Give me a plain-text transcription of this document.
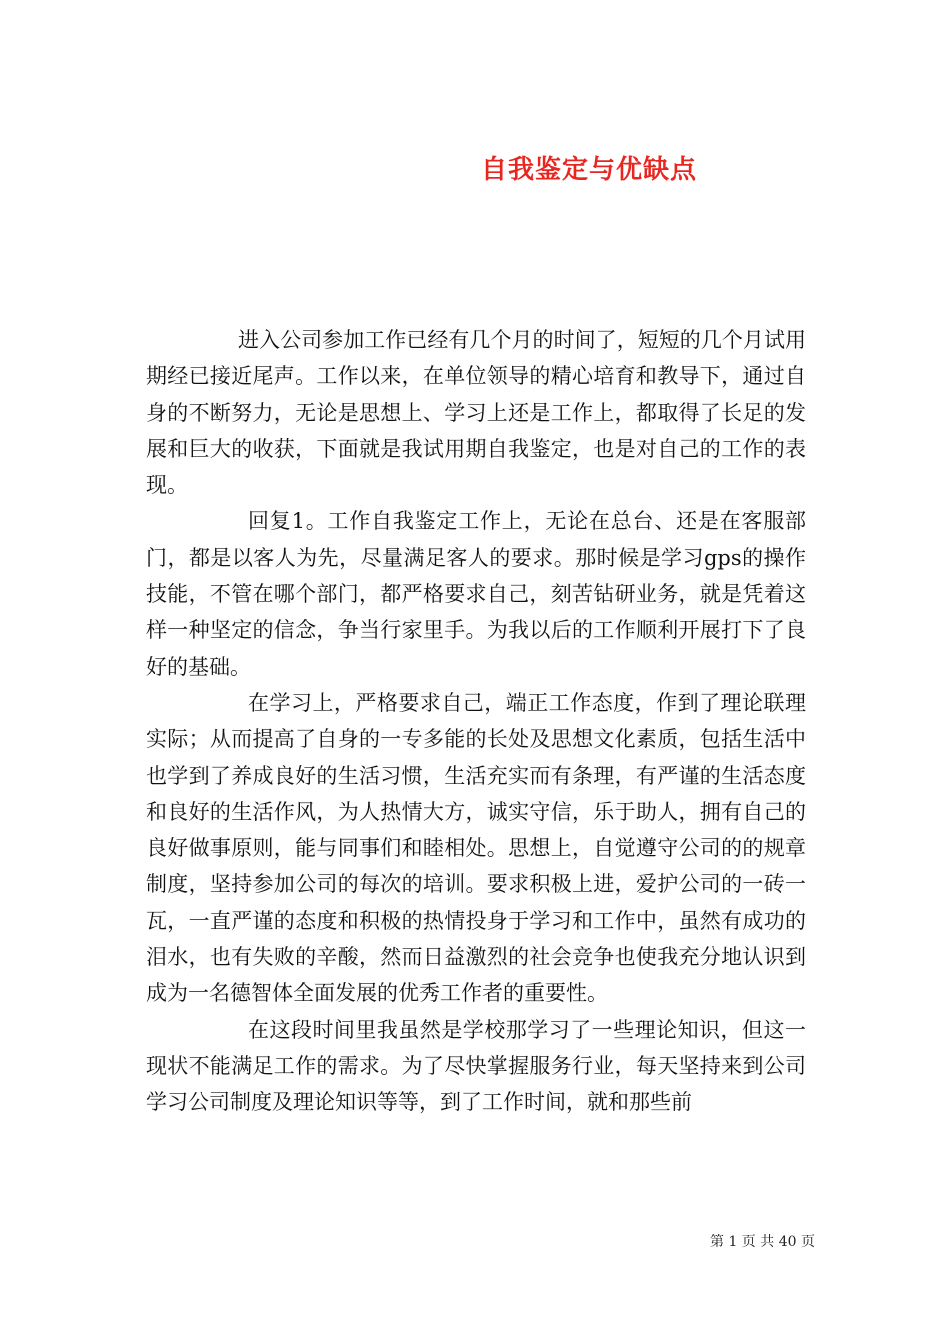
自我鉴定与优缺点

进入公司参加工作已经有几个月的时间了，短短的几个月试用期经已接近尾声。工作以来，在单位领导的精心培育和教导下，通过自身的不断努力，无论是思想上、学习上还是工作上，都取得了长足的发展和巨大的收获，下面就是我试用期自我鉴定，也是对自己的工作的表现。

回复1。工作自我鉴定工作上，无论在总台、还是在客服部门，都是以客人为先，尽量满足客人的要求。那时候是学习gps的操作技能，不管在哪个部门，都严格要求自己，刻苦钻研业务，就是凭着这样一种坚定的信念，争当行家里手。为我以后的工作顺利开展打下了良好的基础。

在学习上，严格要求自己，端正工作态度，作到了理论联理实际；从而提高了自身的一专多能的长处及思想文化素质，包括生活中也学到了养成良好的生活习惯，生活充实而有条理，有严谨的生活态度和良好的生活作风，为人热情大方，诚实守信，乐于助人，拥有自己的良好做事原则，能与同事们和睦相处。思想上，自觉遵守公司的的规章制度，坚持参加公司的每次的培训。要求积极上进，爱护公司的一砖一瓦，一直严谨的态度和积极的热情投身于学习和工作中，虽然有成功的泪水，也有失败的辛酸，然而日益激烈的社会竞争也使我充分地认识到成为一名德智体全面发展的优秀工作者的重要性。

在这段时间里我虽然是学校那学习了一些理论知识，但这一现状不能满足工作的需求。为了尽快掌握服务行业，每天坚持来到公司学习公司制度及理论知识等等，到了工作时间，就和那些前

第 1 页 共 40 页
